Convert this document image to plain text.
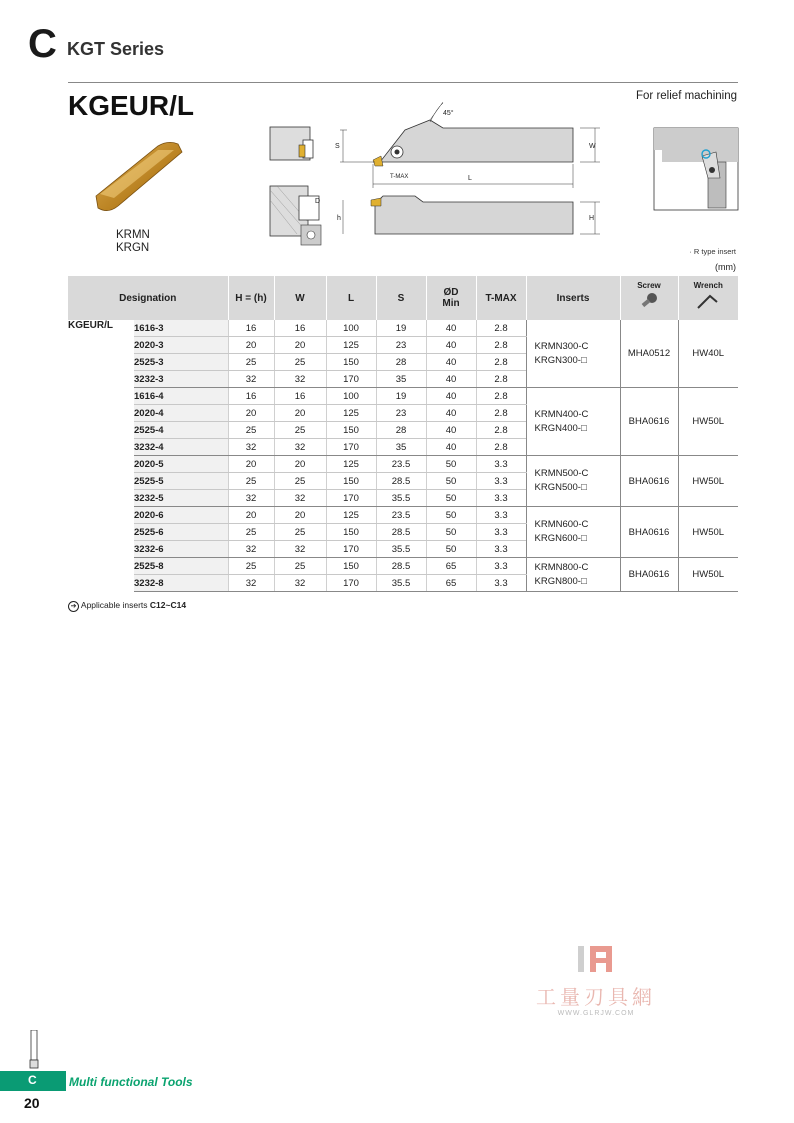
C KGT Series
KGEUR/L	For relief machining
KRMN
KRGN
D
S	W
L
T-MAX
45°
h	H
· R type insert
(mm)
Designation		H = (h)	W	L	S	ØD
Min	T-MAX	Inserts	Screw	Wrench

KGEUR/L	1616-3	16	16	100	19	40	2.8	KRMN300-C
KRGN300-□	MHA0512	HW40L
	2020-3	20	20	125	23	40	2.8			
	2525-3	25	25	150	28	40	2.8			
	3232-3	32	32	170	35	40	2.8			
	1616-4	16	16	100	19	40	2.8	KRMN400-C
KRGN400-□	BHA0616	HW50L
	2020-4	20	20	125	23	40	2.8			
	2525-4	25	25	150	28	40	2.8			
	3232-4	32	32	170	35	40	2.8			
	2020-5	20	20	125	23.5	50	3.3	KRMN500-C
KRGN500-□	BHA0616	HW50L
	2525-5	25	25	150	28.5	50	3.3			
	3232-5	32	32	170	35.5	50	3.3			
	2020-6	20	20	125	23.5	50	3.3	KRMN600-C
KRGN600-□	BHA0616	HW50L
	2525-6	25	25	150	28.5	50	3.3			
	3232-6	32	32	170	35.5	50	3.3			
	2525-8	25	25	150	28.5	65	3.3	KRMN800-C
KRGN800-□	BHA0616	HW50L
	3232-8	32	32	170	35.5	65	3.3			
➔ Applicable inserts C12~C14
工量刃具網
WWW.GLRJW.COM
C	Multi functional Tools
20
